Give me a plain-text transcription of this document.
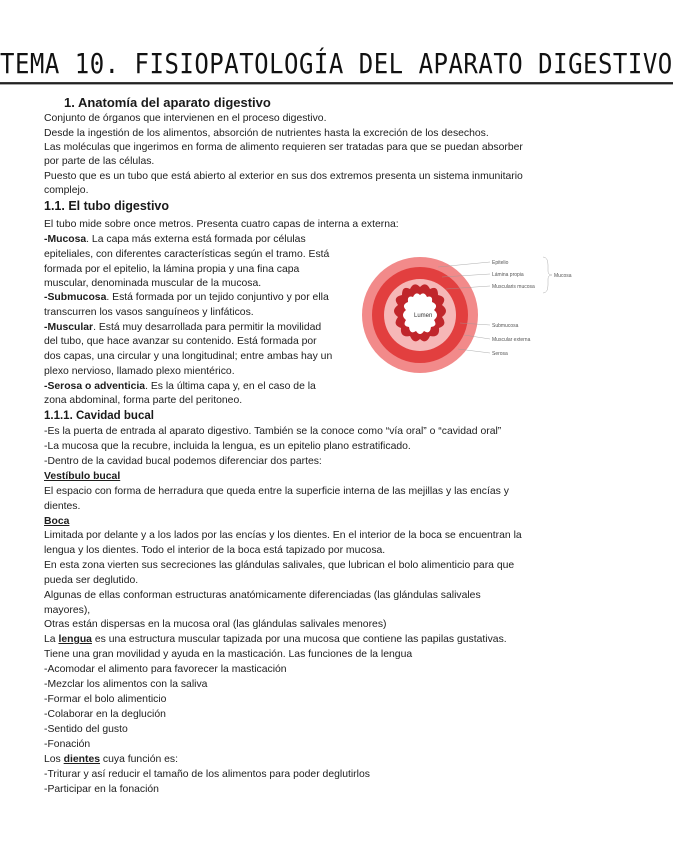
TEMA 10. FISIOPATOLOGÍA DEL APARATO DIGESTIVO
1. Anatomía del aparato digestivo
Conjunto de órganos que intervienen en el proceso digestivo.
Desde la ingestión de los alimentos, absorción de nutrientes hasta la excreción de los desechos.
Las moléculas que ingerimos en forma de alimento requieren ser tratadas para que se puedan absorber
por parte de las células.
Puesto que es un tubo que está abierto al exterior en sus dos extremos presenta un sistema inmunitario
complejo.
1.1. El tubo digestivo
El tubo mide sobre once metros. Presenta cuatro capas de interna a externa:
-Mucosa. La capa más externa está formada por células
epiteliales, con diferentes características según el tramo. Está
formada por el epitelio, la lámina propia y una fina capa
muscular, denominada muscular de la mucosa.
-Submucosa. Está formada por un tejido conjuntivo y por ella
transcurren los vasos sanguíneos y linfáticos.
-Muscular. Está muy desarrollada para permitir la movilidad
del tubo, que hace avanzar su contenido. Está formada por
dos capas, una circular y una longitudinal; entre ambas hay un
plexo nervioso, llamado plexo mientérico.
-Serosa o adventicia. Es la última capa y, en el caso de la
zona abdominal, forma parte del peritoneo.
Lumen
Epitelio
Lámina propia
Muscularis mucosa
Mucosa
Submucosa
Muscular externa
Serosa
1.1.1. Cavidad bucal
-Es la puerta de entrada al aparato digestivo. También se la conoce como “vía oral” o “cavidad oral”
-La mucosa que la recubre, incluida la lengua, es un epitelio plano estratificado.
-Dentro de la cavidad bucal podemos diferenciar dos partes:
Vestíbulo bucal
El espacio con forma de herradura que queda entre la superficie interna de las mejillas y las encías y
dientes.
Boca
Limitada por delante y a los lados por las encías y los dientes. En el interior de la boca se encuentran la
lengua y los dientes. Todo el interior de la boca está tapizado por mucosa.
En esta zona vierten sus secreciones las glándulas salivales, que lubrican el bolo alimenticio para que
pueda ser deglutido.
Algunas de ellas conforman estructuras anatómicamente diferenciadas (las glándulas salivales
mayores),
Otras están dispersas en la mucosa oral (las glándulas salivales menores)
La lengua es una estructura muscular tapizada por una mucosa que contiene las papilas gustativas.
Tiene una gran movilidad y ayuda en la masticación. Las funciones de la lengua
-Acomodar el alimento para favorecer la masticación
-Mezclar los alimentos con la saliva
-Formar el bolo alimenticio
-Colaborar en la deglución
-Sentido del gusto
-Fonación
Los dientes cuya función es:
-Triturar y así reducir el tamaño de los alimentos para poder deglutirlos
-Participar en la fonación
